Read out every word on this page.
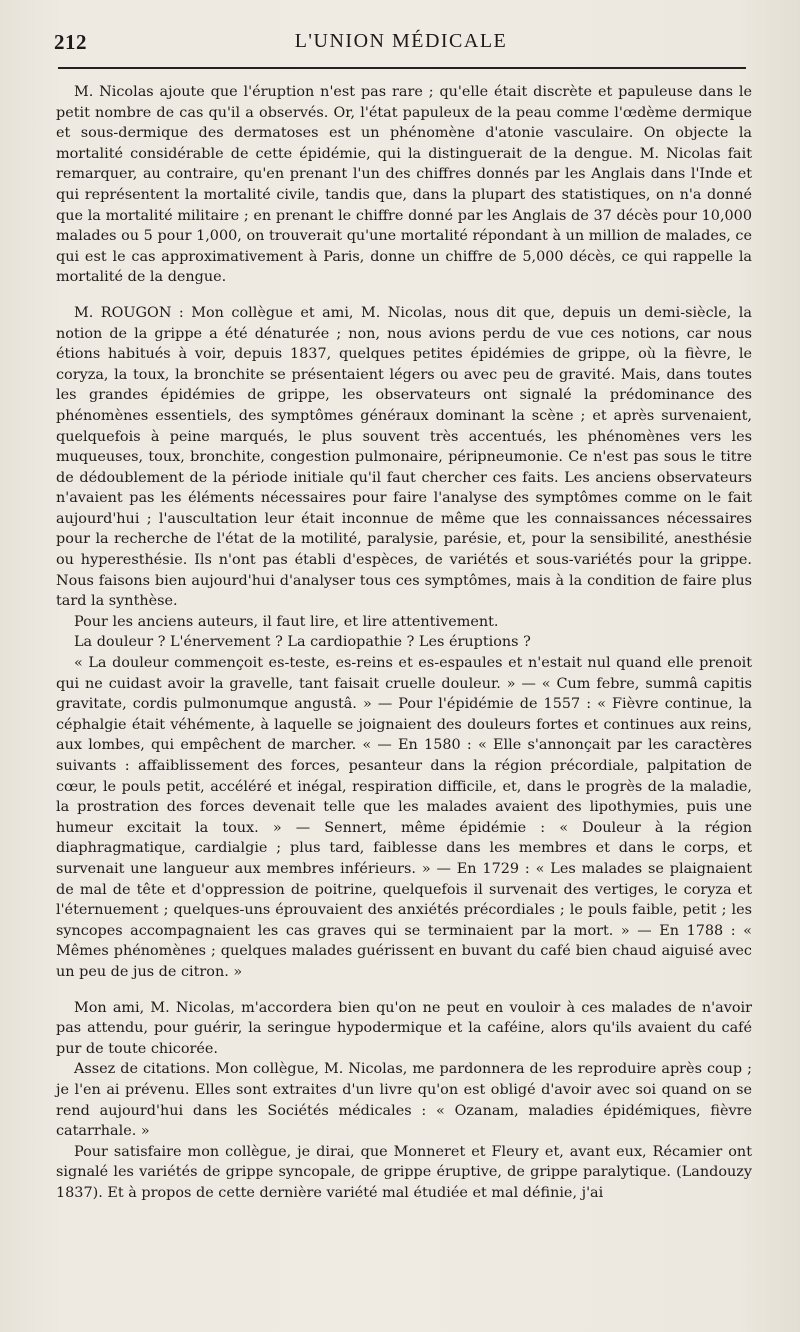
212	L'UNION MÉDICALE

M. Nicolas ajoute que l'éruption n'est pas rare ; qu'elle était discrète et papuleuse dans le petit nombre de cas qu'il a observés. Or, l'état papuleux de la peau comme l'œdème dermique et sous-dermique des dermatoses est un phénomène d'atonie vasculaire. On objecte la mortalité considérable de cette épidémie, qui la distinguerait de la dengue. M. Nicolas fait remarquer, au contraire, qu'en prenant l'un des chiffres donnés par les Anglais dans l'Inde et qui représentent la mortalité civile, tandis que, dans la plupart des statistiques, on n'a donné que la mortalité militaire ; en prenant le chiffre donné par les Anglais de 37 décès pour 10,000 malades ou 5 pour 1,000, on trouverait qu'une mortalité répondant à un million de malades, ce qui est le cas approximativement à Paris, donne un chiffre de 5,000 décès, ce qui rappelle la mortalité de la dengue.

M. ROUGON : Mon collègue et ami, M. Nicolas, nous dit que, depuis un demi-siècle, la notion de la grippe a été dénaturée ; non, nous avions perdu de vue ces notions, car nous étions habitués à voir, depuis 1837, quelques petites épidémies de grippe, où la fièvre, le coryza, la toux, la bronchite se présentaient légers ou avec peu de gravité. Mais, dans toutes les grandes épidémies de grippe, les observateurs ont signalé la prédominance des phénomènes essentiels, des symptômes généraux dominant la scène ; et après survenaient, quelquefois à peine marqués, le plus souvent très accentués, les phénomènes vers les muqueuses, toux, bronchite, congestion pulmonaire, péripneumonie. Ce n'est pas sous le titre de dédoublement de la période initiale qu'il faut chercher ces faits. Les anciens observateurs n'avaient pas les éléments nécessaires pour faire l'analyse des symptômes comme on le fait aujourd'hui ; l'auscultation leur était inconnue de même que les connaissances nécessaires pour la recherche de l'état de la motilité, paralysie, parésie, et, pour la sensibilité, anesthésie ou hyperesthésie. Ils n'ont pas établi d'espèces, de variétés et sous-variétés pour la grippe. Nous faisons bien aujourd'hui d'analyser tous ces symptômes, mais à la condition de faire plus tard la synthèse.

Pour les anciens auteurs, il faut lire, et lire attentivement.

La douleur ? L'énervement ? La cardiopathie ? Les éruptions ?

« La douleur commençoit es-teste, es-reins et es-espaules et n'estait nul quand elle prenoit qui ne cuidast avoir la gravelle, tant faisait cruelle douleur. » — « Cum febre, summâ capitis gravitate, cordis pulmonumque angustâ. » — Pour l'épidémie de 1557 : « Fièvre continue, la céphalgie était véhémente, à laquelle se joignaient des douleurs fortes et continues aux reins, aux lombes, qui empêchent de marcher. « — En 1580 : « Elle s'annonçait par les caractères suivants : affaiblissement des forces, pesanteur dans la région précordiale, palpitation de cœur, le pouls petit, accéléré et inégal, respiration difficile, et, dans le progrès de la maladie, la prostration des forces devenait telle que les malades avaient des lipothymies, puis une humeur excitait la toux. » — Sennert, même épidémie : « Douleur à la région diaphragmatique, cardialgie ; plus tard, faiblesse dans les membres et dans le corps, et survenait une langueur aux membres inférieurs. » — En 1729 : « Les malades se plaignaient de mal de tête et d'oppression de poitrine, quelquefois il survenait des vertiges, le coryza et l'éternuement ; quelques-uns éprouvaient des anxiétés précordiales ; le pouls faible, petit ; les syncopes accompagnaient les cas graves qui se terminaient par la mort. » — En 1788 : « Mêmes phénomènes ; quelques malades guérissent en buvant du café bien chaud aiguisé avec un peu de jus de citron. »

Mon ami, M. Nicolas, m'accordera bien qu'on ne peut en vouloir à ces malades de n'avoir pas attendu, pour guérir, la seringue hypodermique et la caféine, alors qu'ils avaient du café pur de toute chicorée.

Assez de citations. Mon collègue, M. Nicolas, me pardonnera de les reproduire après coup ; je l'en ai prévenu. Elles sont extraites d'un livre qu'on est obligé d'avoir avec soi quand on se rend aujourd'hui dans les Sociétés médicales : « Ozanam, maladies épidémiques, fièvre catarrhale. »

Pour satisfaire mon collègue, je dirai, que Monneret et Fleury et, avant eux, Récamier ont signalé les variétés de grippe syncopale, de grippe éruptive, de grippe paralytique. (Landouzy 1837). Et à propos de cette dernière variété mal étudiée et mal définie, j'ai
